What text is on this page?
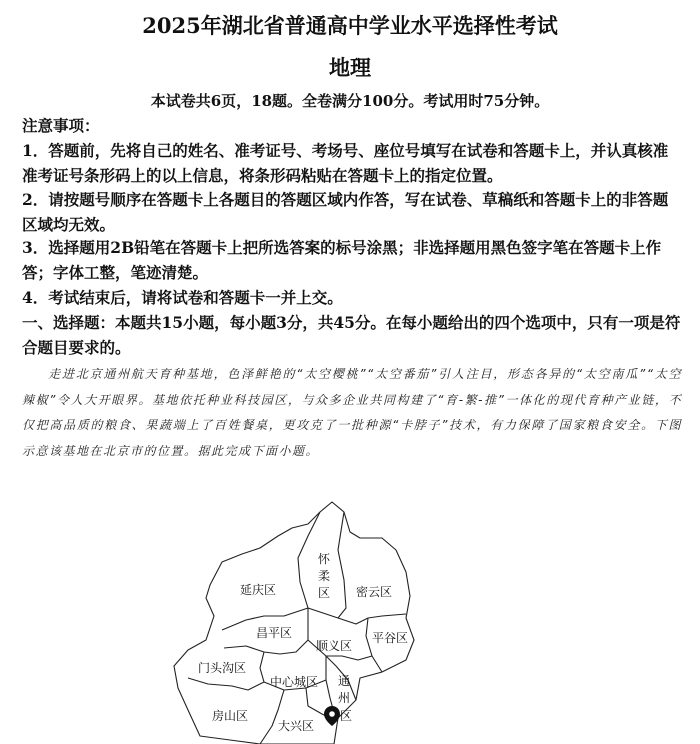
2025年湖北省普通高中学业水平选择性考试
地理
本试卷共6页，18题。全卷满分100分。考试用时75分钟。
注意事项：
1．答题前，先将自己的姓名、准考证号、考场号、座位号填写在试卷和答题卡上，并认真核准准考证号条形码上的以上信息，将条形码粘贴在答题卡上的指定位置。
2．请按题号顺序在答题卡上各题目的答题区域内作答，写在试卷、草稿纸和答题卡上的非答题区域均无效。
3．选择题用2B铅笔在答题卡上把所选答案的标号涂黑；非选择题用黑色签字笔在答题卡上作答；字体工整，笔迹清楚。
4．考试结束后，请将试卷和答题卡一并上交。
一、选择题：本题共15小题，每小题3分，共45分。在每小题给出的四个选项中，只有一项是符合题目要求的。
走进北京通州航天育种基地，色泽鲜艳的“太空樱桃”“太空番茄”引人注目，形态各异的“太空南瓜”“太空辣椒”令人大开眼界。基地依托种业科技园区，与众多企业共同构建了“育-繁-推”一体化的现代育种产业链，不仅把高品质的粮食、果蔬端上了百姓餐桌，更攻克了一批种源“卡脖子”技术，有力保障了国家粮食安全。下图示意该基地在北京市的位置。据此完成下面小题。
延庆区
怀
柔
区 密云区
昌平区
顺义区
平谷区
门头沟区
中心城区 通
州
区
房山区
大兴区
